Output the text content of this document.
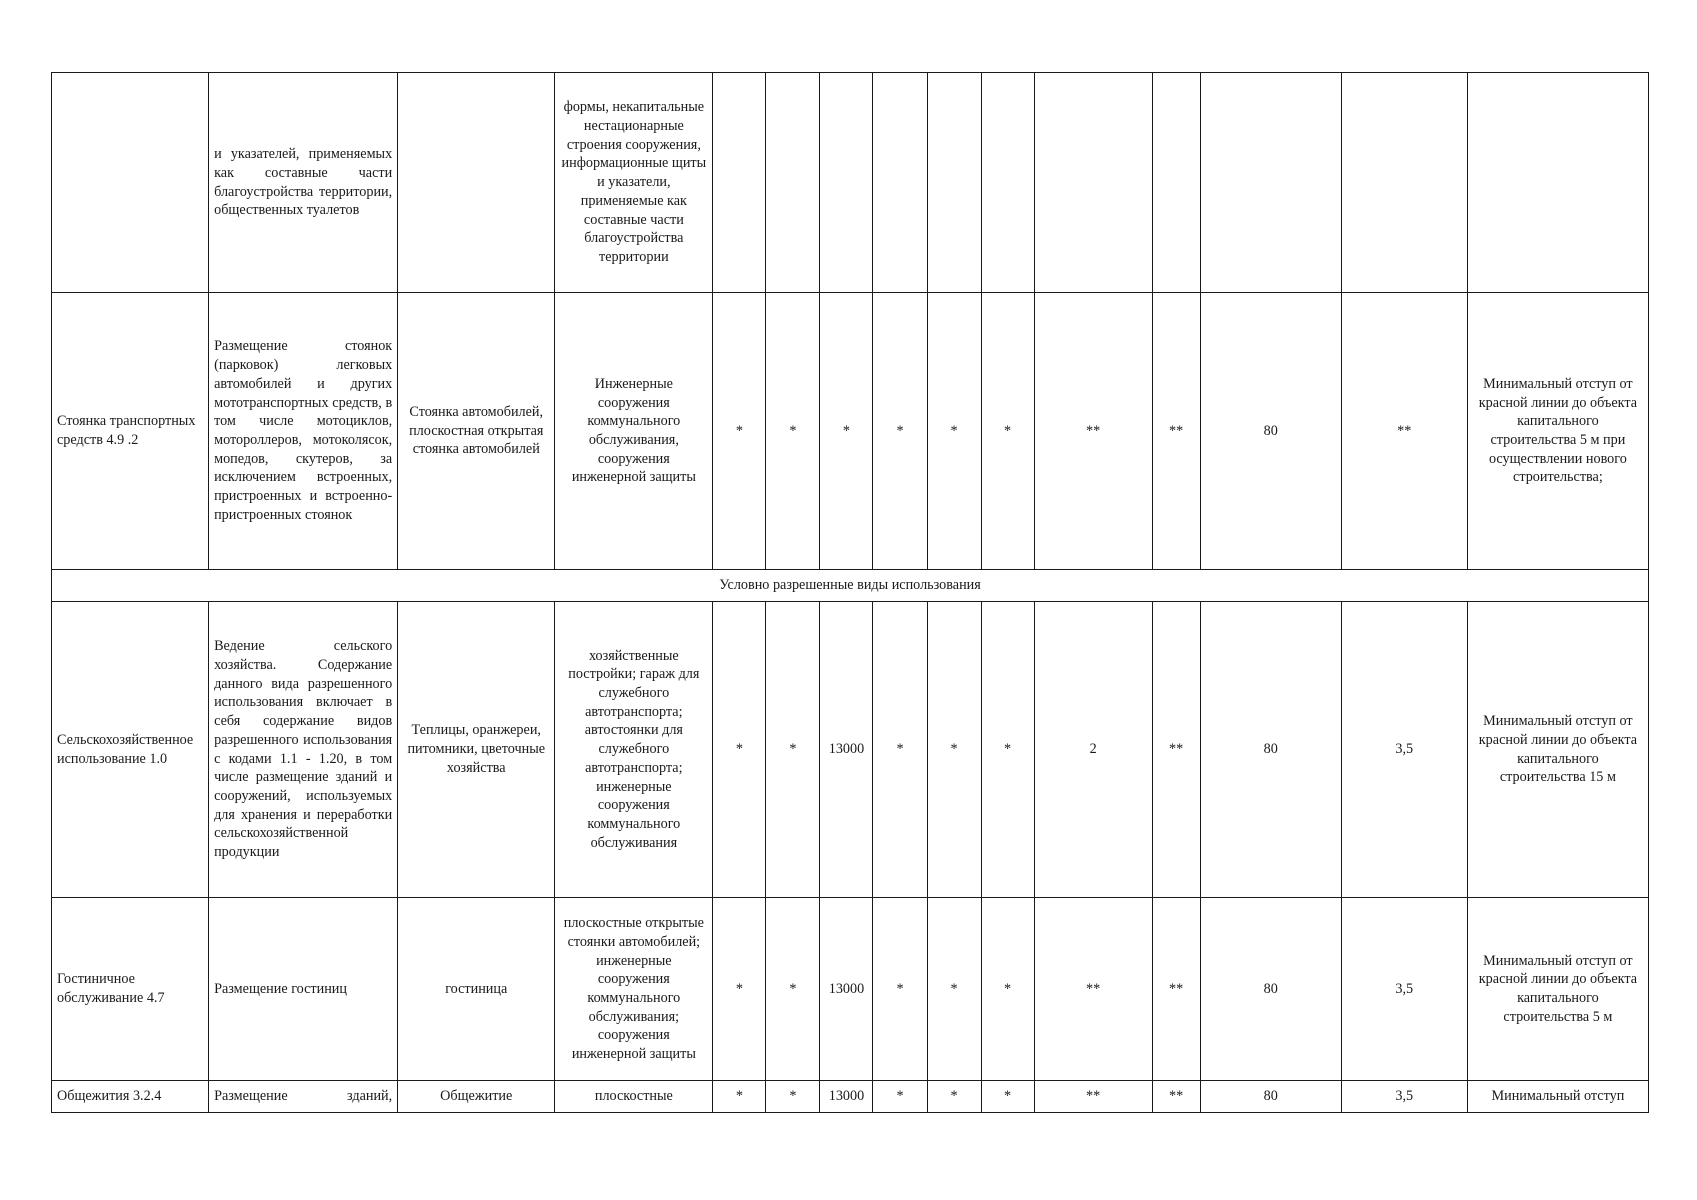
	и указателей, применяемых как составные части благоустройства территории, общественных туалетов		формы, некапитальные нестационарные строения сооружения, информационные щиты и указатели, применяемые как составные части благоустройства территории											
Стоянка транспортных средств 4.9 .2	Размещение стоянок (парковок) легковых автомобилей и других мототранспортных средств, в том числе мотоциклов, мотороллеров, мотоколясок, мопедов, скутеров, за исключением встроенных, пристроенных и встроенно-пристроенных стоянок	Стоянка автомобилей, плоскостная открытая стоянка автомобилей	Инженерные сооружения коммунального обслуживания, сооружения инженерной защиты	*	*	*	*	*	*	**	**	80	**	Минимальный отступ от красной линии до объекта капитального строительства 5 м при осуществлении нового строительства;
Условно разрешенные виды использования														
Сельскохозяйственное использование 1.0	Ведение сельского хозяйства. Содержание данного вида разрешенного использования включает в себя содержание видов разрешенного использования с кодами 1.1 - 1.20, в том числе размещение зданий и сооружений, используемых для хранения и переработки сельскохозяйственной продукции	Теплицы, оранжереи, питомники, цветочные хозяйства	хозяйственные постройки; гараж для служебного автотранспорта; автостоянки для служебного автотранспорта; инженерные сооружения коммунального обслуживания	*	*	13000	*	*	*	2	**	80	3,5	Минимальный отступ от красной линии до объекта капитального строительства 15 м
Гостиничное обслуживание 4.7	Размещение гостиниц	гостиница	плоскостные открытые стоянки автомобилей; инженерные сооружения коммунального обслуживания; сооружения инженерной защиты	*	*	13000	*	*	*	**	**	80	3,5	Минимальный отступ от красной линии до объекта капитального строительства 5 м
Общежития 3.2.4	Размещение зданий,	Общежитие	плоскостные	*	*	13000	*	*	*	**	**	80	3,5	Минимальный отступ
